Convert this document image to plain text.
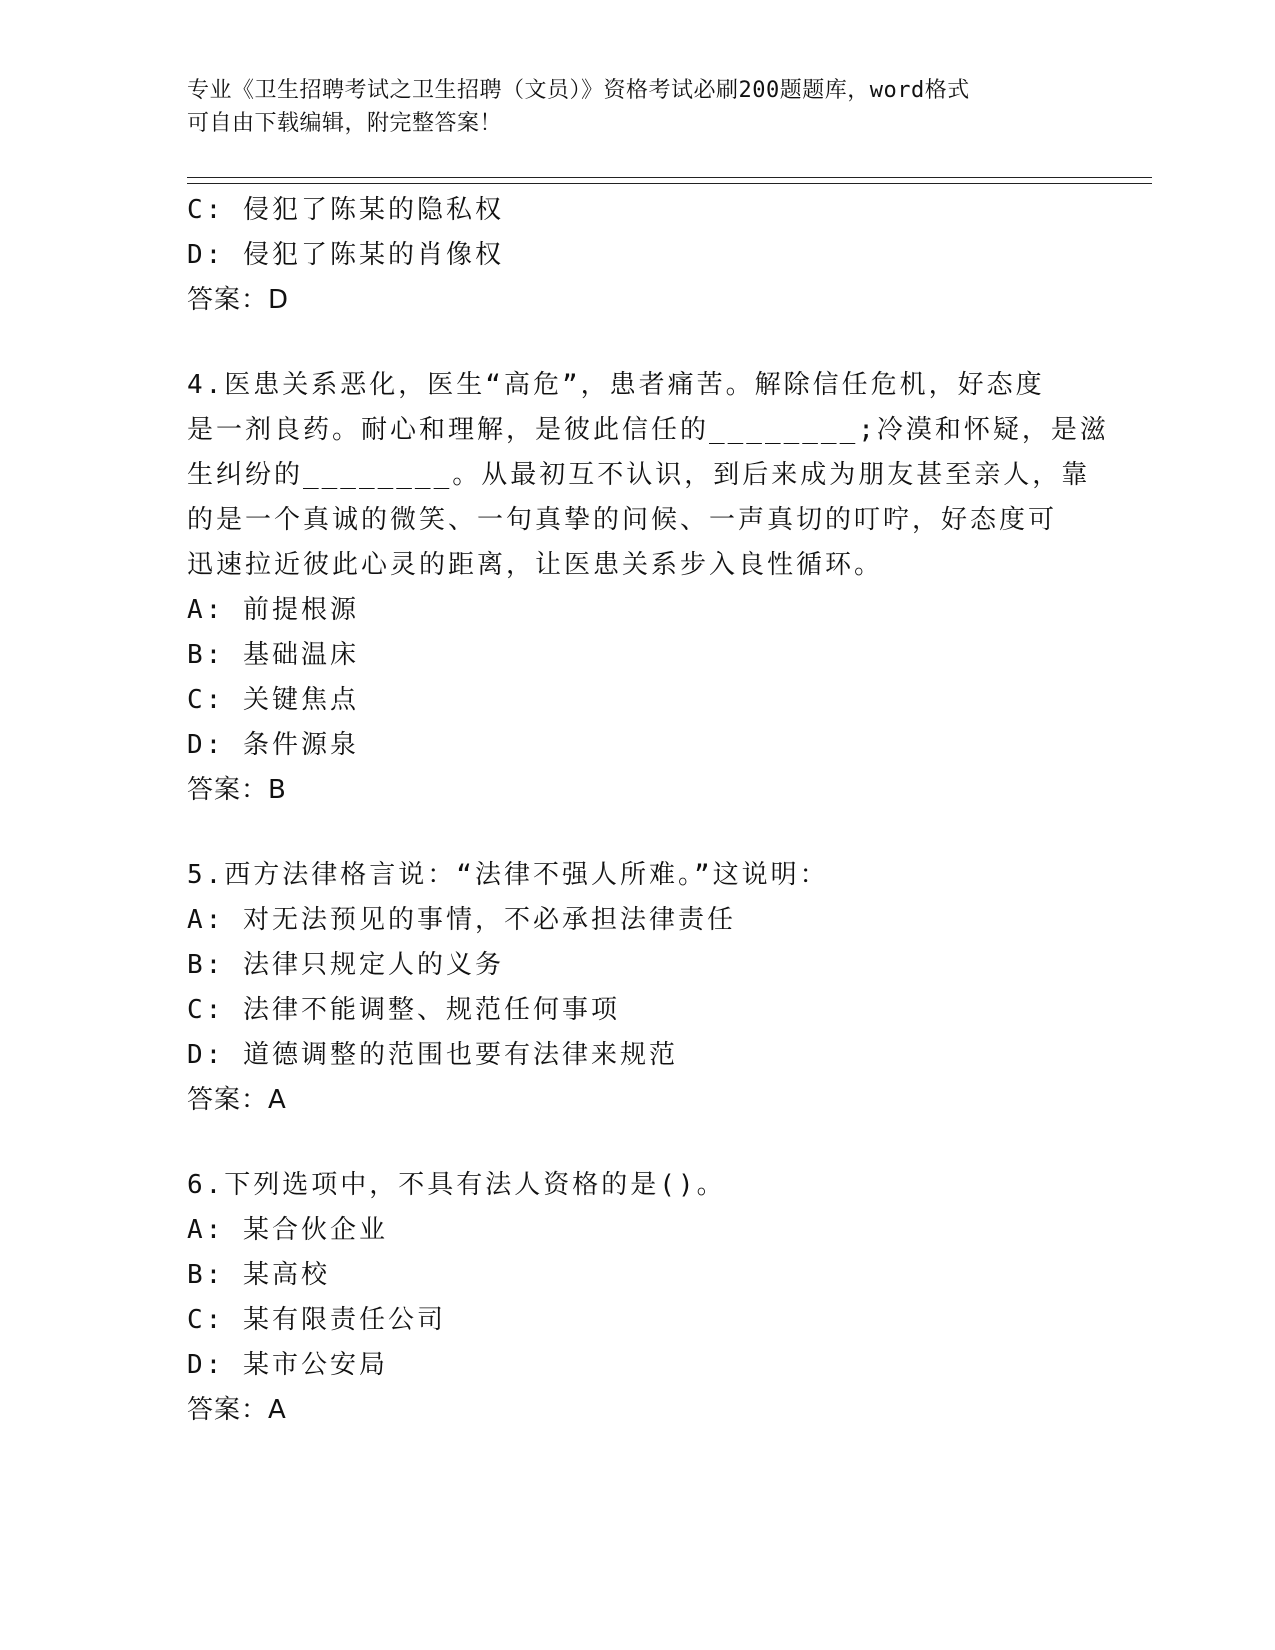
专业《卫生招聘考试之卫生招聘（文员）》资格考试必刷200题题库，word格式
可自由下载编辑，附完整答案！
C: 侵犯了陈某的隐私权
D: 侵犯了陈某的肖像权
答案：D
4.医患关系恶化，医生“高危”，患者痛苦。解除信任危机，好态度
是一剂良药。耐心和理解，是彼此信任的________;冷漠和怀疑，是滋
生纠纷的________。从最初互不认识，到后来成为朋友甚至亲人，靠
的是一个真诚的微笑、一句真挚的问候、一声真切的叮咛，好态度可
迅速拉近彼此心灵的距离，让医患关系步入良性循环。
A: 前提根源
B: 基础温床
C: 关键焦点
D: 条件源泉
答案：B
5.西方法律格言说：“法律不强人所难。”这说明：
A: 对无法预见的事情，不必承担法律责任
B: 法律只规定人的义务
C: 法律不能调整、规范任何事项
D: 道德调整的范围也要有法律来规范
答案：A
6.下列选项中，不具有法人资格的是()。
A: 某合伙企业
B: 某高校
C: 某有限责任公司
D: 某市公安局
答案：A
